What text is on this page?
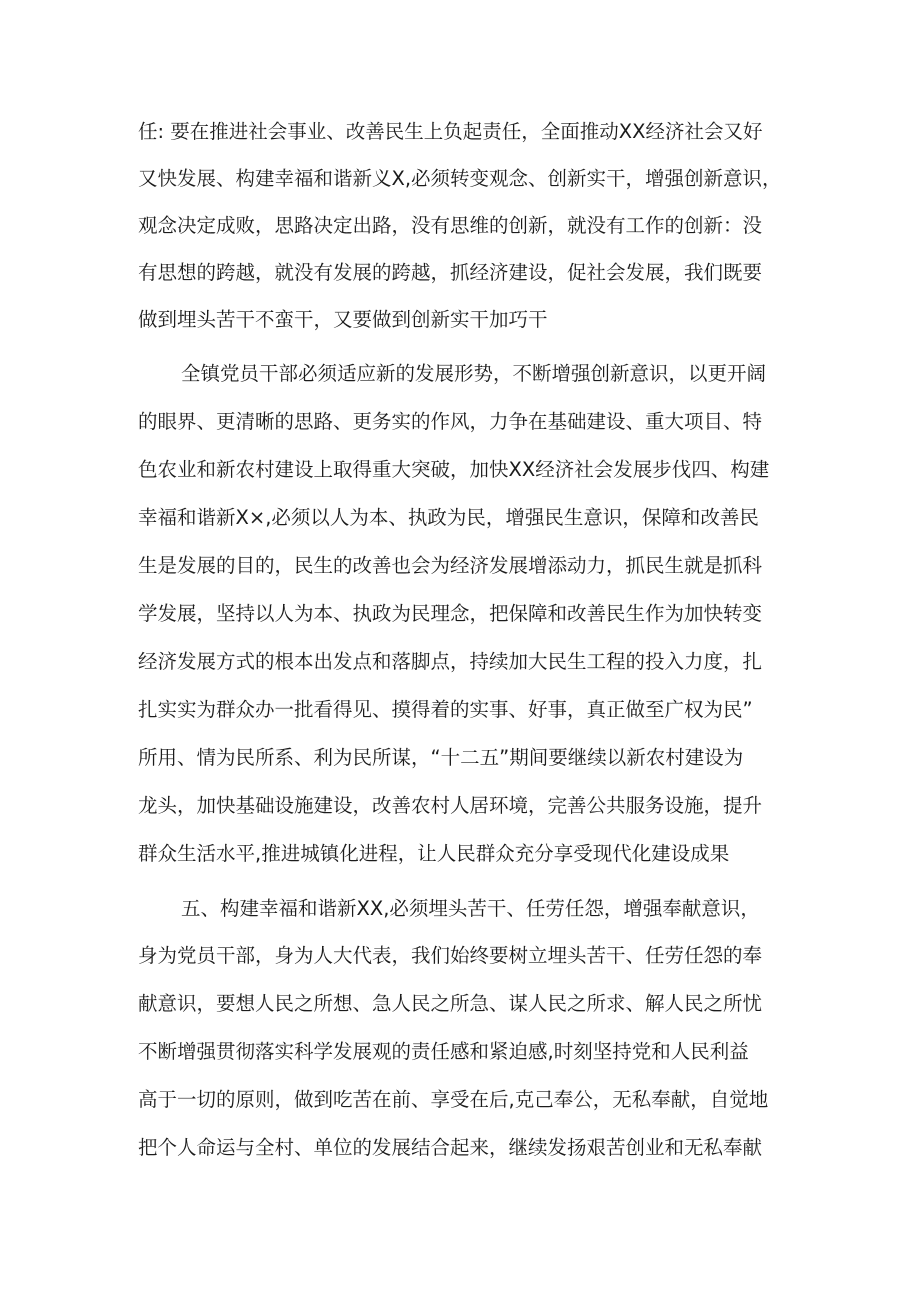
任: 要在推进社会事业、改善民生上负起责任，全面推动XX经济社会又好

又快发展、构建幸福和谐新义X,必须转变观念、创新实干，增强创新意识，

观念决定成败，思路决定出路，没有思维的创新，就没有工作的创新：没

有思想的跨越，就没有发展的跨越，抓经济建设，促社会发展，我们既要

做到埋头苦干不蛮干，又要做到创新实干加巧干

全镇党员干部必须适应新的发展形势，不断增强创新意识，以更开阔

的眼界、更清晰的思路、更务实的作风，力争在基础建设、重大项目、特

色农业和新农村建设上取得重大突破，加快XX经济社会发展步伐四、构建

幸福和谐新X×,必须以人为本、执政为民，增强民生意识，保障和改善民

生是发展的目的，民生的改善也会为经济发展增添动力，抓民生就是抓科

学发展，坚持以人为本、执政为民理念，把保障和改善民生作为加快转变

经济发展方式的根本出发点和落脚点，持续加大民生工程的投入力度，扎

扎实实为群众办一批看得见、摸得着的实事、好事，真正做至广权为民”

所用、情为民所系、利为民所谋，“十二五”期间要继续以新农村建设为

龙头，加快基础设施建设，改善农村人居环境，完善公共服务设施，提升

群众生活水平,推进城镇化进程，让人民群众充分享受现代化建设成果

五、构建幸福和谐新XX,必须埋头苦干、任劳任怨，增强奉献意识，

身为党员干部，身为人大代表，我们始终要树立埋头苦干、任劳任怨的奉

献意识，要想人民之所想、急人民之所急、谋人民之所求、解人民之所忧

不断增强贯彻落实科学发展观的责任感和紧迫感,时刻坚持党和人民利益

高于一切的原则，做到吃苦在前、享受在后,克己奉公，无私奉献，自觉地

把个人命运与全村、单位的发展结合起来，继续发扬艰苦创业和无私奉献
